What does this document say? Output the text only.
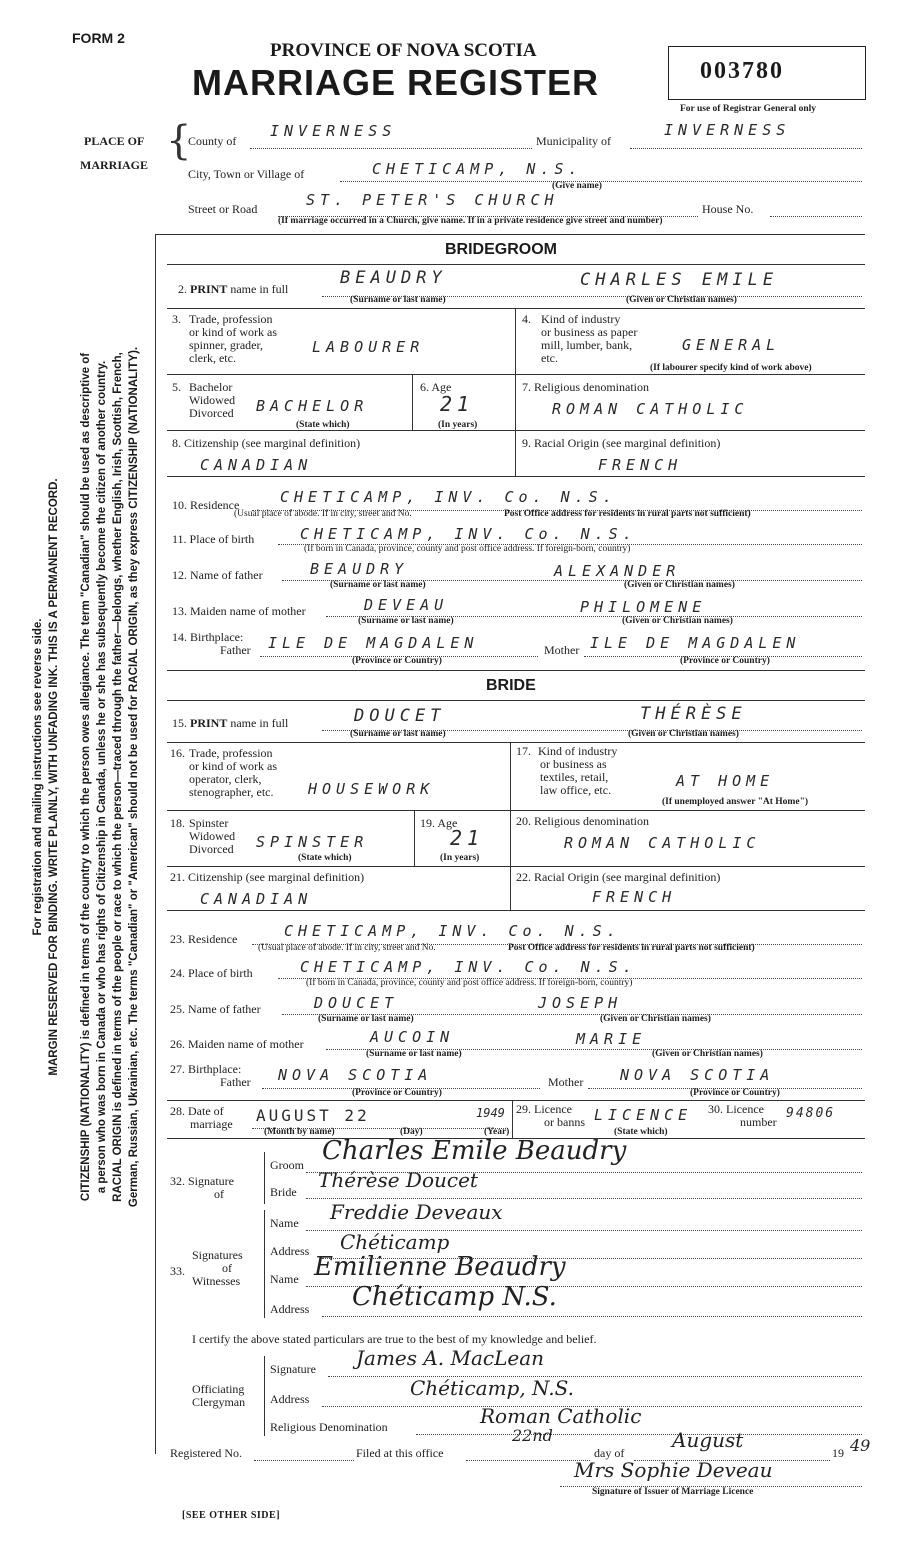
For registration and mailing instructions see reverse side. MARGIN RESERVED FOR BINDING. WRITE PLAINLY, WITH UNFADING INK. THIS IS A PERMANENT RECORD. CITIZENSHIP (NATIONALITY) is defined in terms of the country to which the person owes allegiance. The term "Canadian" should be used as descriptive of a person who was born in Canada or who has rights of Citizenship in Canada, unless he or she has subsequently become the citizen of another country. RACIAL ORIGIN is defined in terms of the people or race to which the person—traced through the father—belongs, whether English, Irish, Scottish, French, German, Russian, Ukrainian, etc. The terms "Canadian" or "American" should not be used for RACIAL ORIGIN, as they express CITIZENSHIP (NATIONALITY).
FORM 2
PROVINCE OF NOVA SCOTIA
MARRIAGE REGISTER	003780
For use of Registrar General only
PLACE OF
MARRIAGE
{
County of
INVERNESS
Municipality of
INVERNESS
City, Town or Village of	CHETICAMP, N.S.
(Give name)
Street or Road	ST. PETER'S CHURCH	House No.
(If marriage occurred in a Church, give name. If in a private residence give street and number)
BRIDEGROOM
2. PRINT name in full
BEAUDRY	CHARLES EMILE
(Surname or last name)	(Given or Christian names)
3. Trade, profession
or kind of work as
spinner, grader,
clerk, etc.
LABOURER
4. Kind of industry
or business as paper
mill, lumber, bank,
etc.
GENERAL
(If labourer specify kind of work above)
5. Bachelor
Widowed
Divorced BACHELOR
(State which)
6. Age
21
(In years)
7. Religious denomination
ROMAN CATHOLIC
8. Citizenship (see marginal definition)
CANADIAN
9. Racial Origin (see marginal definition)
FRENCH
10. Residence	CHETICAMP, INV. Co. N.S.
(Usual place of abode. If in city, street and No.	Post Office address for residents in rural parts not sufficient)
11. Place of birth	CHETICAMP, INV. Co. N.S.
(If born in Canada, province, county and post office address. If foreign-born, country)
12. Name of father	BEAUDRY	ALEXANDER
(Surname or last name)	(Given or Christian names)
13. Maiden name of mother	DEVEAU	PHILOMENE
(Surname or last name)	(Given or Christian names)
14. Birthplace:
Father ILE DE MAGDALEN
(Province or Country)
Mother ILE DE MAGDALEN
(Province or Country)
BRIDE
15. PRINT name in full	DOUCET	THÉRÈSE
(Surname or last name)	(Given or Christian names)
16. Trade, profession
or kind of work as
operator, clerk,
stenographer, etc. HOUSEWORK
17. Kind of industry
or business as
textiles, retail,
law office, etc.	AT HOME
(If unemployed answer "At Home")
18. Spinster
Widowed
Divorced SPINSTER
(State which)
19. Age
21
(In years)
20. Religious denomination
ROMAN CATHOLIC
21. Citizenship (see marginal definition)
CANADIAN
22. Racial Origin (see marginal definition)
FRENCH
23. Residence	CHETICAMP, INV. Co. N.S.
(Usual place of abode. If in city, street and No.	Post Office address for residents in rural parts not sufficient)
24. Place of birth	CHETICAMP, INV. Co. N.S.
(If born in Canada, province, county and post office address. If foreign-born, country)
25. Name of father	DOUCET	JOSEPH
(Surname or last name)	(Given or Christian names)
26. Maiden name of mother	AUCOIN	MARIE
(Surname or last name)	(Given or Christian names)
27. Birthplace:
Father NOVA SCOTIA
(Province or Country)
Mother NOVA SCOTIA
(Province or Country)
28. Date of
marriage AUGUST 22	1949
(Month by name)	(Day)	(Year)
29. Licence
or banns LICENCE
(State which)
30. Licence
number
94806
32. Signature
of
Groom Charles Emile Beaudry
Bride Thérèse Doucet
33.
Signatures
of
Witnesses
Name Freddie Deveaux
Address Chéticamp
Name Emilienne Beaudry
Address Chéticamp N.S.
I certify the above stated particulars are true to the best of my knowledge and belief.
Officiating
Clergyman
Signature James A. MacLean
Address	Chéticamp, N.S.
Religious Denomination	Roman Catholic
Registered No.	Filed at this office
22nd
day of
August
19 49
Mrs Sophie Deveau
Signature of Issuer of Marriage Licence
[SEE OTHER SIDE]
